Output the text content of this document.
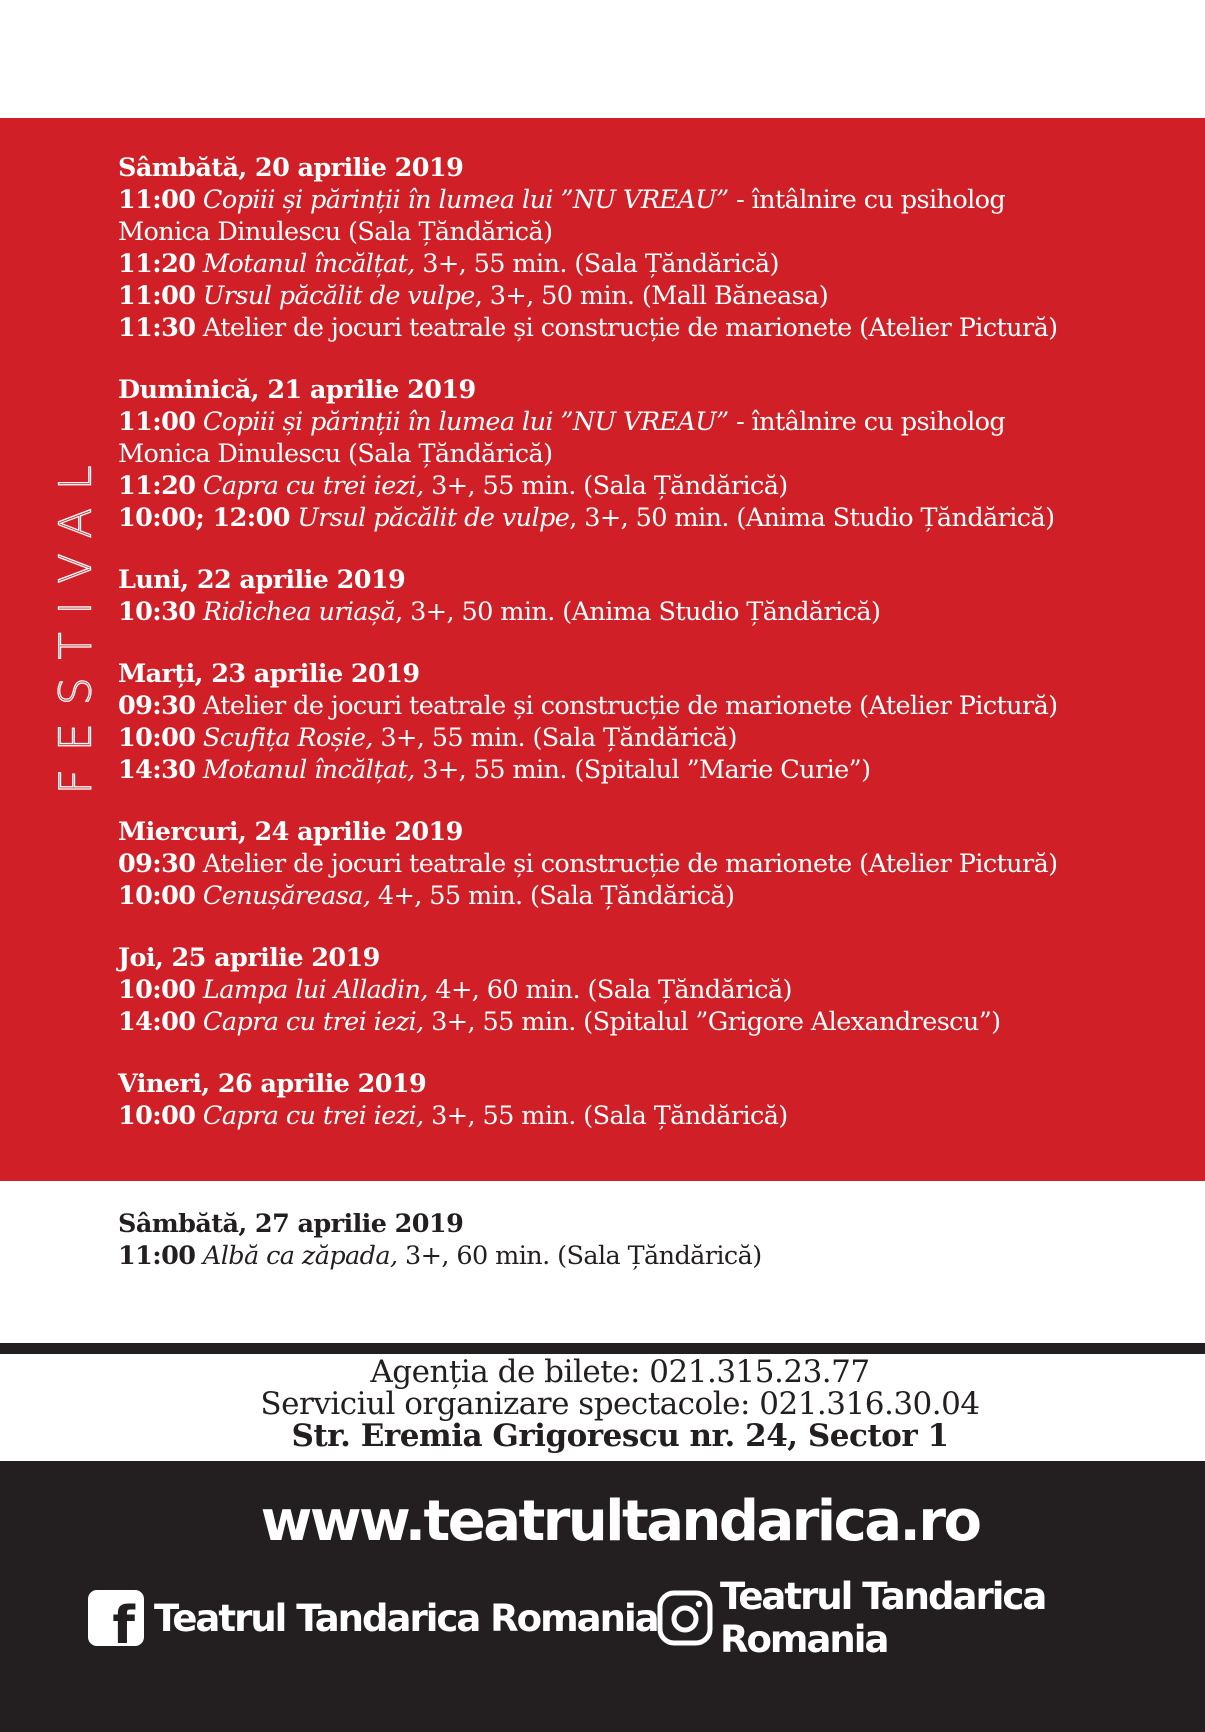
FESTIVAL
Sâmbătă, 20 aprilie 2019
11:00 Copiii și părinții în lumea lui ”NU VREAU” - întâlnire cu psiholog
Monica Dinulescu (Sala Țăndărică)
11:20 Motanul încălțat, 3+, 55 min. (Sala Țăndărică)
11:00 Ursul păcălit de vulpe, 3+, 50 min. (Mall Băneasa)
11:30 Atelier de jocuri teatrale și construcție de marionete (Atelier Pictură)
Duminică, 21 aprilie 2019
11:00 Copiii și părinții în lumea lui ”NU VREAU” - întâlnire cu psiholog
Monica Dinulescu (Sala Țăndărică)
11:20 Capra cu trei iezi, 3+, 55 min. (Sala Țăndărică)
10:00; 12:00 Ursul păcălit de vulpe, 3+, 50 min. (Anima Studio Țăndărică)
Luni, 22 aprilie 2019
10:30 Ridichea uriașă, 3+, 50 min. (Anima Studio Țăndărică)
Marți, 23 aprilie 2019
09:30 Atelier de jocuri teatrale și construcție de marionete (Atelier Pictură)
10:00 Scufița Roșie, 3+, 55 min. (Sala Țăndărică)
14:30 Motanul încălțat, 3+, 55 min. (Spitalul ”Marie Curie”)
Miercuri, 24 aprilie 2019
09:30 Atelier de jocuri teatrale și construcție de marionete (Atelier Pictură)
10:00 Cenușăreasa, 4+, 55 min. (Sala Țăndărică)
Joi, 25 aprilie 2019
10:00 Lampa lui Alladin, 4+, 60 min. (Sala Țăndărică)
14:00 Capra cu trei iezi, 3+, 55 min. (Spitalul ”Grigore Alexandrescu”)
Vineri, 26 aprilie 2019
10:00 Capra cu trei iezi, 3+, 55 min. (Sala Țăndărică)
Sâmbătă, 27 aprilie 2019
11:00 Albă ca zăpada, 3+, 60 min. (Sala Țăndărică)
Agenția de bilete: 021.315.23.77
Serviciul organizare spectacole: 021.316.30.04
Str. Eremia Grigorescu nr. 24, Sector 1
www.teatrultandarica.ro
f Teatrul Tandarica Romania Teatrul Tandarica Romania
